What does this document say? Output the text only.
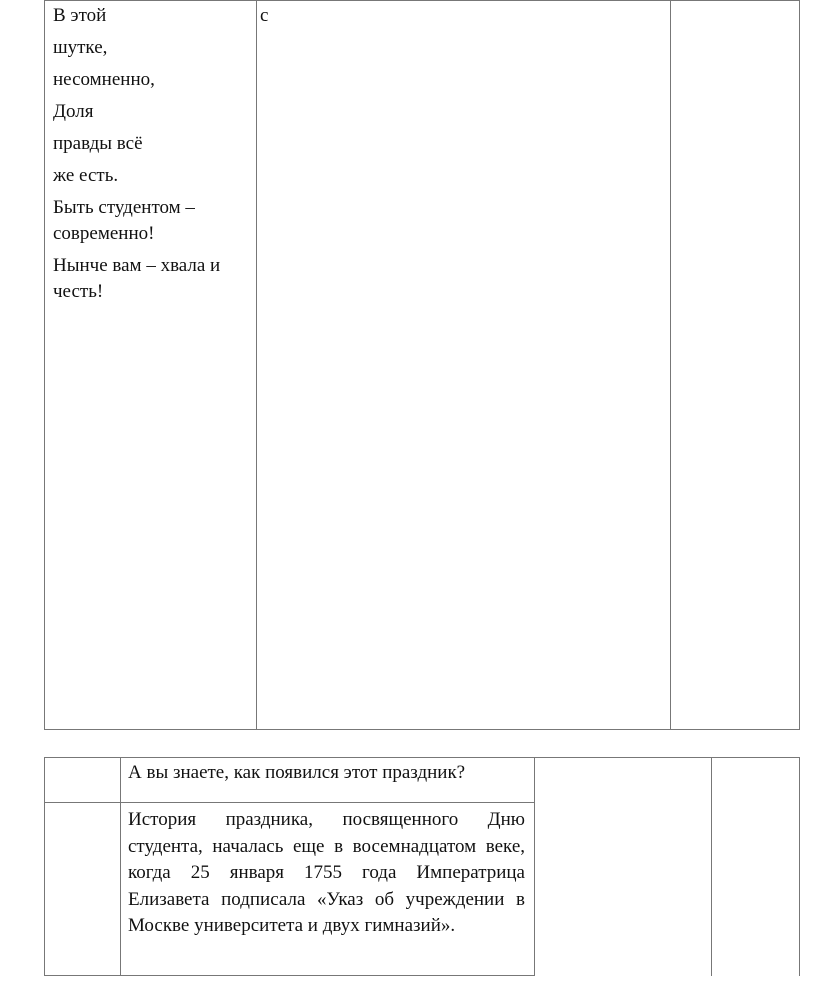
В этой

шутке,

несомненно,

Доля

правды всё

же есть.

Быть студентом – современно!

Нынче вам – хвала и честь!

с
А вы знаете, как появился этот праздник?

История праздника, посвященного Дню студента, началась еще в восемнадцатом веке, когда 25 января 1755 года Императрица Елизавета подписала «Указ об учреждении в Москве университета и двух гимназий».
